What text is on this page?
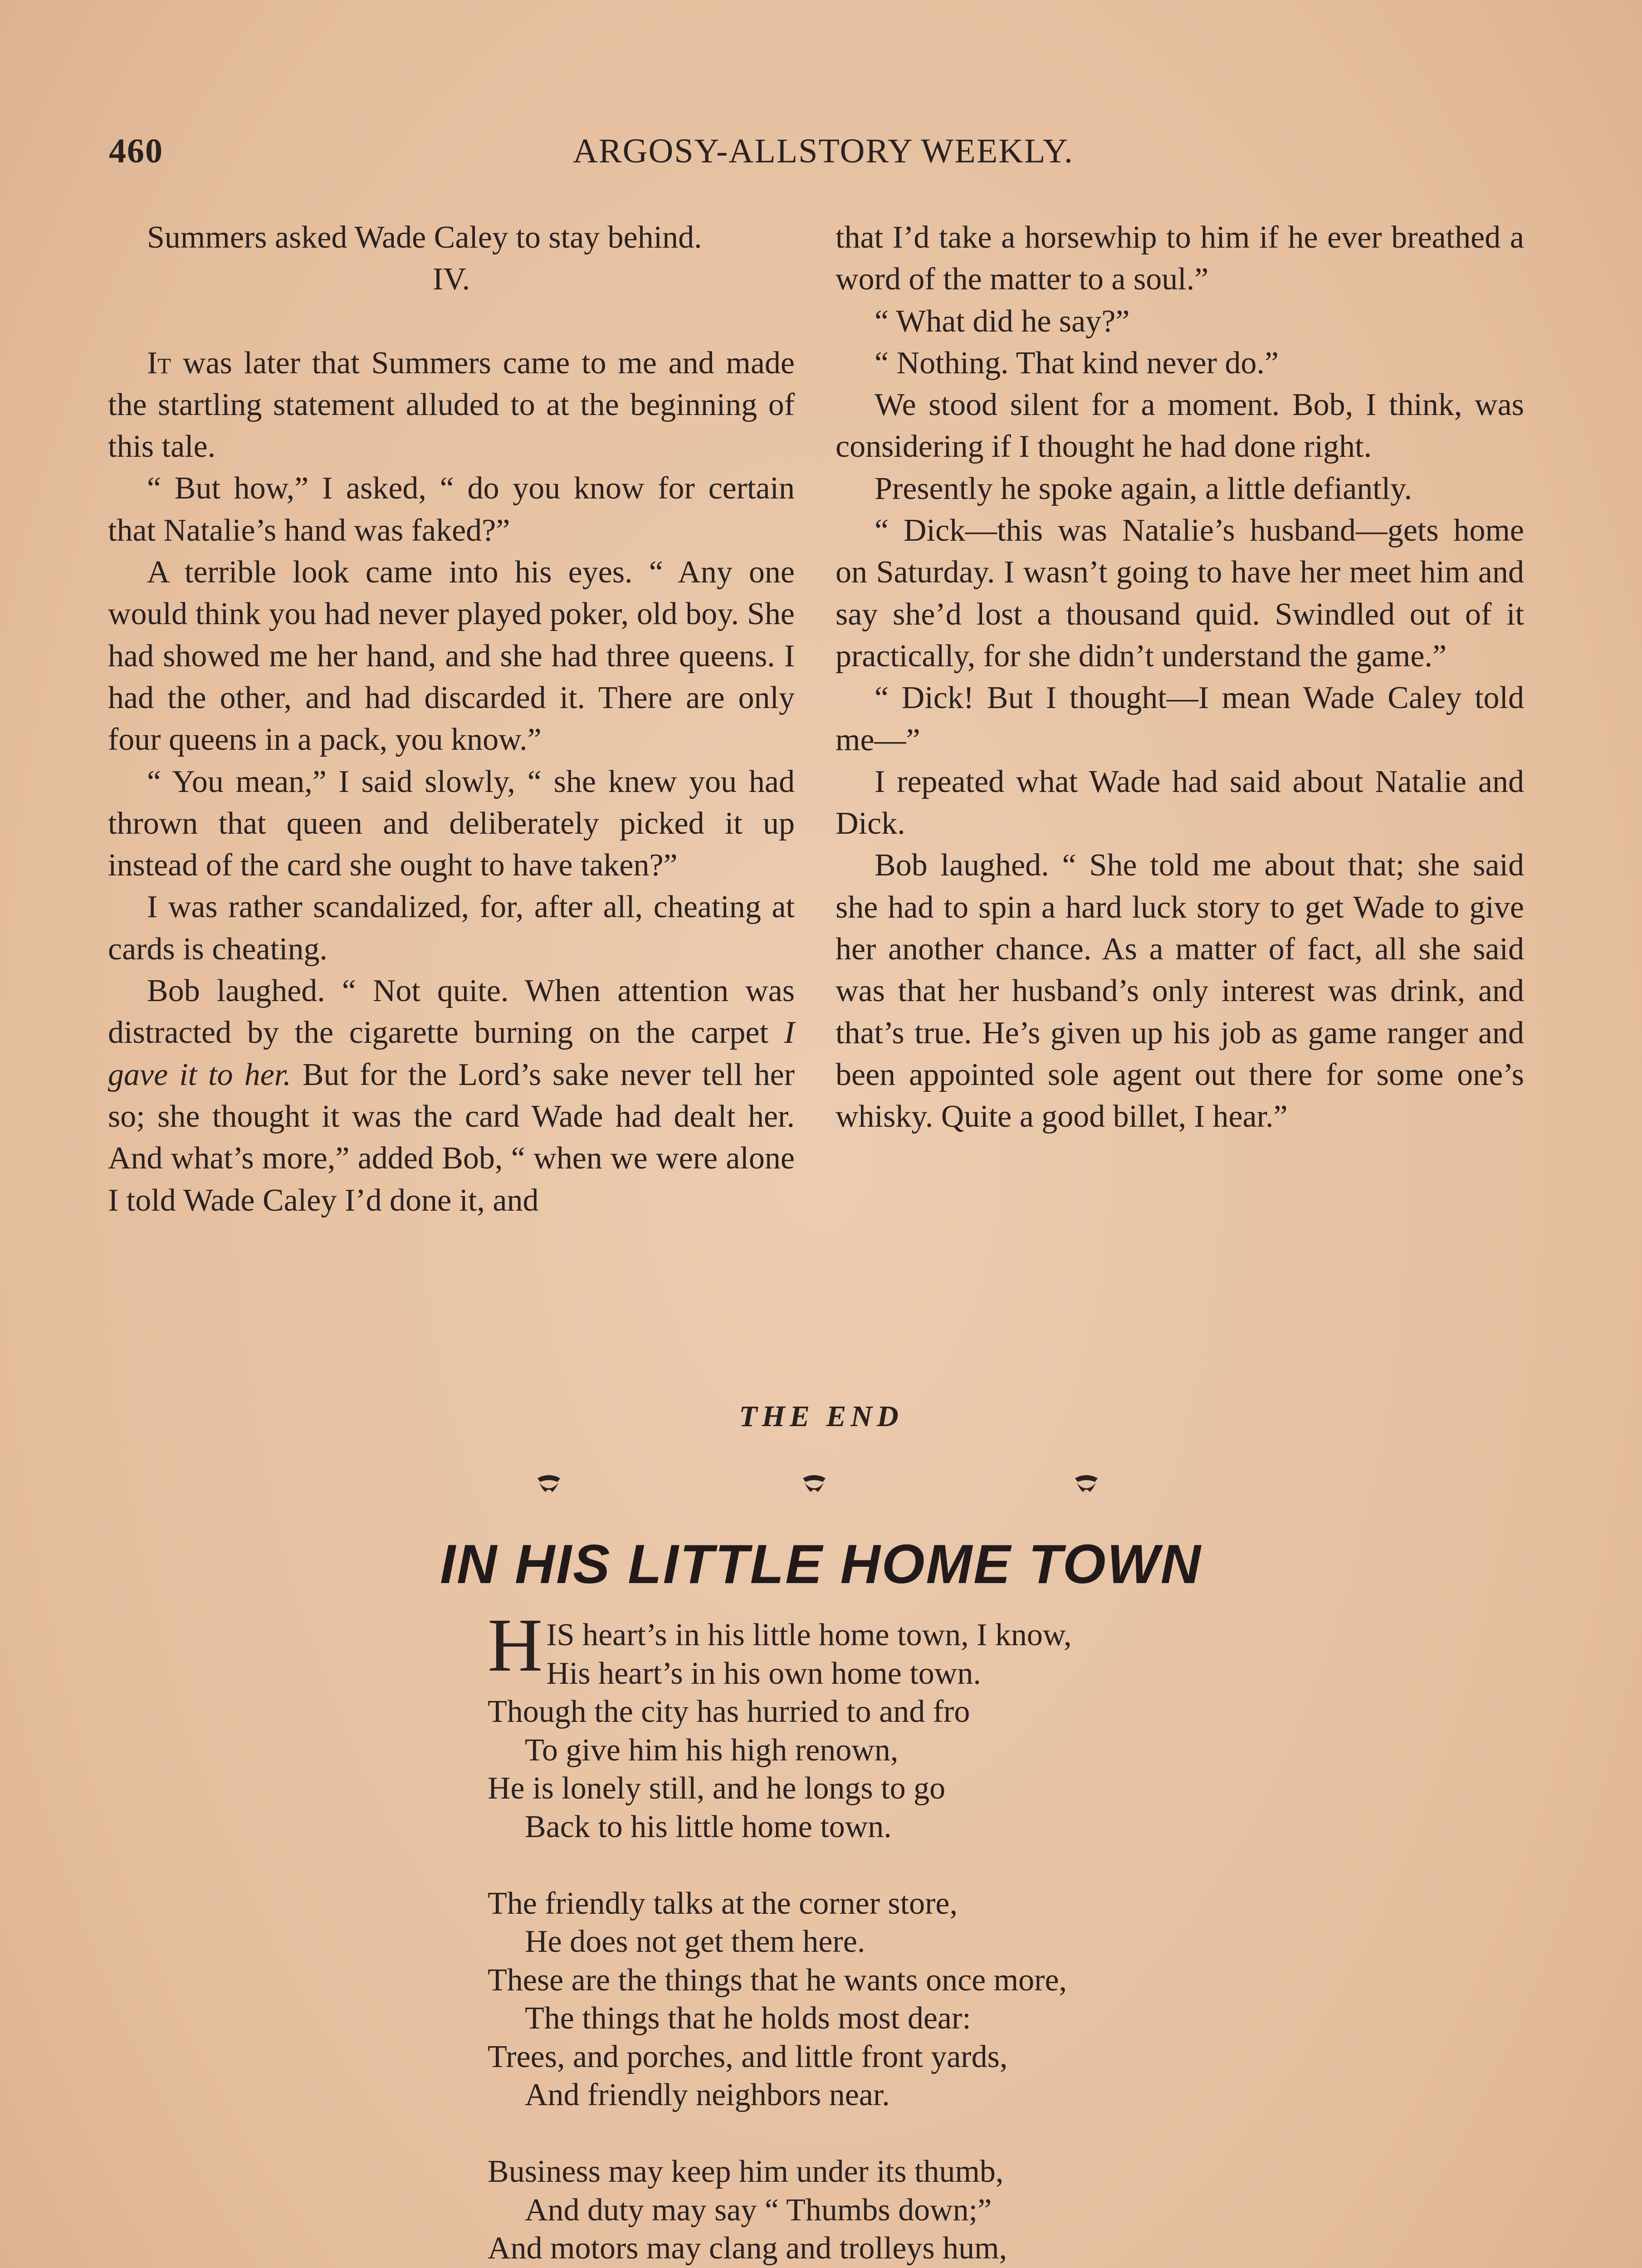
460	ARGOSY-ALLSTORY WEEKLY.

Summers asked Wade Caley to stay behind.

IV.

It was later that Summers came to me and made the startling statement alluded to at the beginning of this tale.

“ But how,” I asked, “ do you know for certain that Natalie’s hand was faked?”

A terrible look came into his eyes. “ Any one would think you had never played poker, old boy. She had showed me her hand, and she had three queens. I had the other, and had discarded it. There are only four queens in a pack, you know.”

“ You mean,” I said slowly, “ she knew you had thrown that queen and deliberately picked it up instead of the card she ought to have taken?”

I was rather scandalized, for, after all, cheating at cards is cheating.

Bob laughed. “ Not quite. When attention was distracted by the cigarette burning on the carpet I gave it to her. But for the Lord’s sake never tell her so; she thought it was the card Wade had dealt her. And what’s more,” added Bob, “ when we were alone I told Wade Caley I’d done it, and

that I’d take a horsewhip to him if he ever breathed a word of the matter to a soul.”

“ What did he say?”

“ Nothing. That kind never do.”

We stood silent for a moment. Bob, I think, was considering if I thought he had done right.

Presently he spoke again, a little defiantly.

“ Dick—this was Natalie’s husband—gets home on Saturday. I wasn’t going to have her meet him and say she’d lost a thousand quid. Swindled out of it practically, for she didn’t understand the game.”

“ Dick! But I thought—I mean Wade Caley told me—”

I repeated what Wade had said about Natalie and Dick.

Bob laughed. “ She told me about that; she said she had to spin a hard luck story to get Wade to give her another chance. As a matter of fact, all she said was that her husband’s only interest was drink, and that’s true. He’s given up his job as game ranger and been appointed sole agent out there for some one’s whisky. Quite a good billet, I hear.”

THE END
IN HIS LITTLE HOME TOWN
HIS heart’s in his little home town, I know,
His heart’s in his own home town.
Though the city has hurried to and fro
To give him his high renown,
He is lonely still, and he longs to go
Back to his little home town.
The friendly talks at the corner store,
He does not get them here.
These are the things that he wants once more,
The things that he holds most dear:
Trees, and porches, and little front yards,
And friendly neighbors near.
Business may keep him under its thumb,
And duty may say “ Thumbs down;”
And motors may clang and trolleys hum,
